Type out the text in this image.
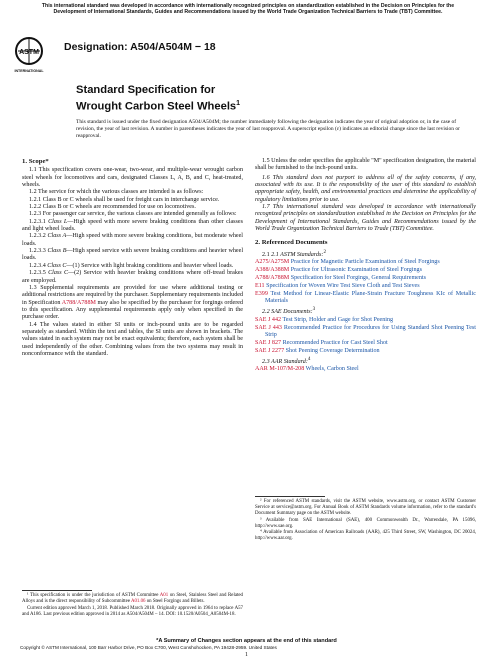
This international standard was developed in accordance with internationally recognized principles on standardization established in the Decision on Principles for the Development of International Standards, Guides and Recommendations issued by the World Trade Organization Technical Barriers to Trade (TBT) Committee.
ASTM
INTERNATIONAL
Designation: A504/A504M − 18
Standard Specification for
Wrought Carbon Steel Wheels$^1$
This standard is issued under the fixed designation A504/A504M; the number immediately following the designation indicates the year of original adoption or, in the case of revision, the year of last revision. A number in parentheses indicates the year of last reapproval. A superscript epsilon (ε) indicates an editorial change since the last revision or reapproval.
1. Scope*

1.1 This specification covers one-wear, two-wear, and multiple-wear wrought carbon steel wheels for locomotives and cars, designated Classes L, A, B, and C, heat-treated, wheels.

1.2 The service for which the various classes are intended is as follows:

1.2.1 Class B or C wheels shall be used for freight cars in interchange service.

1.2.2 Class B or C wheels are recommended for use on locomotives.

1.2.3 For passenger car service, the various classes are intended generally as follows:

1.2.3.1 Class L—High speed with more severe braking conditions than other classes and light wheel loads.

1.2.3.2 Class A—High speed with more severe braking conditions, but moderate wheel loads.

1.2.3.3 Class B—High speed service with severe braking conditions and heavier wheel loads.

1.2.3.4 Class C—(1) Service with light braking conditions and heavier wheel loads.

1.2.3.5 Class C—(2) Service with heavier braking conditions where off-tread brakes are employed.

1.3 Supplemental requirements are provided for use where additional testing or additional restrictions are required by the purchaser. Supplementary requirements included in Specification A788/A788M may also be specified by the purchaser for forgings ordered to this specification. Any supplemental requirements apply only when specified in the purchase order.

1.4 The values stated in either SI units or inch-pound units are to be regarded separately as standard. Within the text and tables, the SI units are shown in brackets. The values stated in each system may not be exact equivalents; therefore, each system shall be used independently of the other. Combining values from the two systems may result in nonconformance with the standard.

¹ This specification is under the jurisdiction of ASTM Committee A01 on Steel, Stainless Steel and Related Alloys and is the direct responsibility of Subcommittee A01.06 on Steel Forgings and Billets.

Current edition approved March 1, 2018. Published March 2018. Originally approved in 1964 to replace A57 and A186. Last previous edition approved in 2014 as A504/A504M – 14. DOI: 10.1520/A0504_A0504M-18.

1.5 Unless the order specifies the applicable "M" specification designation, the material shall be furnished to the inch-pound units.

1.6 This standard does not purport to address all of the safety concerns, if any, associated with its use. It is the responsibility of the user of this standard to establish appropriate safety, health, and environmental practices and determine the applicability of regulatory limitations prior to use.

1.7 This international standard was developed in accordance with internationally recognized principles on standardization established in the Decision on Principles for the Development of International Standards, Guides and Recommendations issued by the World Trade Organization Technical Barriers to Trade (TBT) Committee.

2. Referenced Documents

2.1 2.1 ASTM Standards:$^2$

A275/A275M Practice for Magnetic Particle Examination of Steel Forgings
A388/A388M Practice for Ultrasonic Examination of Steel Forgings
A788/A788M Specification for Steel Forgings, General Requirements
E11 Specification for Woven Wire Test Sieve Cloth and Test Sieves
E399 Test Method for Linear-Elastic Plane-Strain Fracture Toughness KIc of Metallic Materials

2.2 SAE Documents:$^3$

SAE J 442 Test Strip, Holder and Gage for Shot Peening
SAE J 443 Recommended Practice for Procedures for Using Standard Shot Peening Test Strip
SAE J 827 Recommended Practice for Cast Steel Shot
SAE J 2277 Shot Peening Coverage Determination

2.3 AAR Standard:$^4$

AAR M-107/M-208 Wheels, Carbon Steel

² For referenced ASTM standards, visit the ASTM website, www.astm.org, or contact ASTM Customer Service at service@astm.org. For Annual Book of ASTM Standards volume information, refer to the standard's Document Summary page on the ASTM website.

³ Available from SAE International (SAE), 400 Commonwealth Dr., Warrendale, PA 15096, http://www.sae.org.

⁴ Available from Association of American Railroads (AAR), 425 Third Street, SW, Washington, DC 20024, http://www.aar.org.

*A Summary of Changes section appears at the end of this standard
Copyright © ASTM International, 100 Barr Harbor Drive, PO Box C700, West Conshohocken, PA 19428-2959. United States
1
